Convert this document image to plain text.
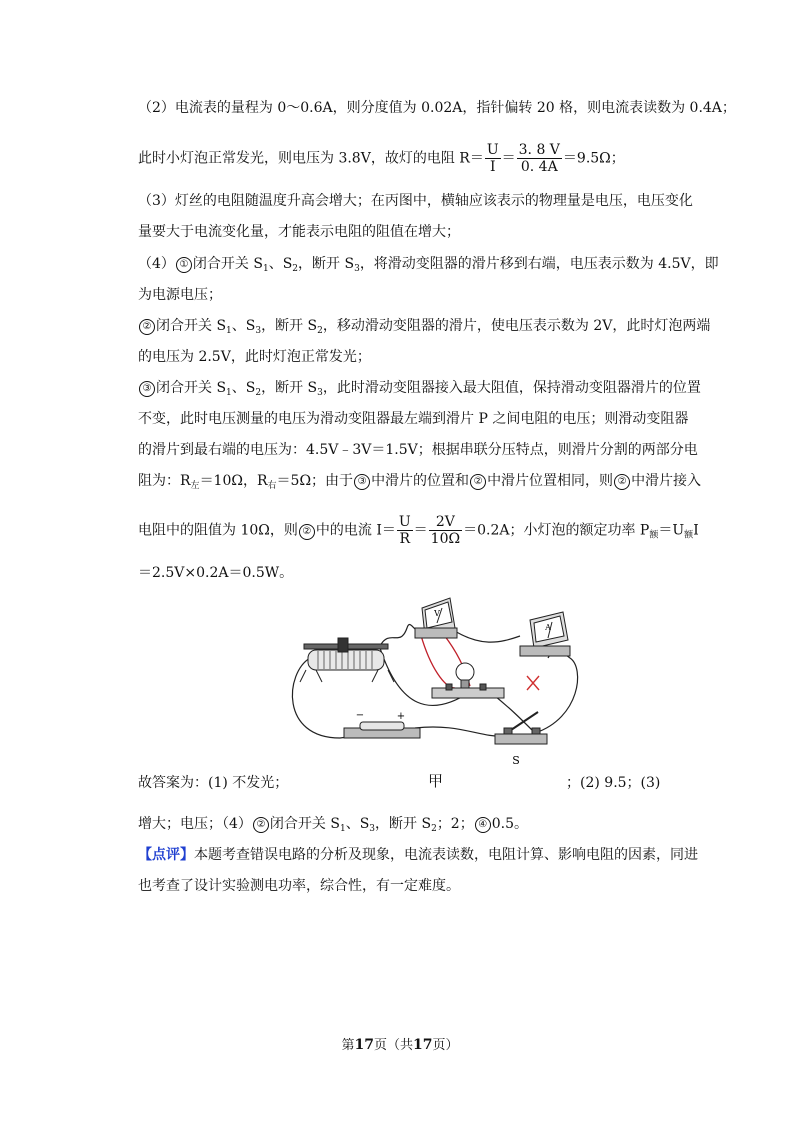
（2）电流表的量程为 0～0.6A，则分度值为 0.02A，指针偏转 20 格，则电流表读数为 0.4A；
此时小灯泡正常发光，则电压为 3.8V，故灯的电阻 $R= \frac{U}{I} = \frac{3. 8 V}{0. 4A} =9.5\Omega$；
（3）灯丝的电阻随温度升高会增大；在丙图中，横轴应该表示的物理量是电压，电压变化
量要大于电流变化量，才能表示电阻的阻值在增大；
（4） ① 闭合开关 $S_1$、$S_2$，断开 $S_3$，将滑动变阻器的滑片移到右端，电压表示数为 4.5V，即
为电源电压；
② 闭合开关 $S_1$、$S_3$，断开 $S_2$，移动滑动变阻器的滑片，使电压表示数为 2V，此时灯泡两端
的电压为 2.5V，此时灯泡正常发光；
③ 闭合开关 $S_1$、$S_2$，断开 $S_3$，此时滑动变阻器接入最大阻值，保持滑动变阻器滑片的位置
不变，此时电压测量的电压为滑动变阻器最左端到滑片 P 之间电阻的电压；则滑动变阻器
的滑片到最右端的电压为：4.5V﹣3V＝1.5V；根据串联分压特点，则滑片分割的两部分电
阻为：$R_左=10\Omega$，$R_右=5\Omega$；由于 ③ 中滑片的位置和 ② 中滑片位置相同，则 ② 中滑片接入
电阻中的阻值为 10Ω，则 ② 中的电流 $I= \frac{U}{R} = \frac{2V}{10\Omega} =0.2A$；小灯泡的额定功率 $P_额=U_额I$
＝2.5V×0.2A＝0.5W。
V
A
−	+
S
故答案为：(1) 不发光；	；(2) 9.5；(3)
甲
增大；电压；（4） ② 闭合开关 $S_1$、$S_3$，断开 $S_2$；2； ④ 0.5。
【点评】本题考查错误电路的分析及现象，电流表读数，电阻计算、影响电阻的因素，同进
也考查了设计实验测电功率，综合性，有一定难度。
第17页（共17页）
